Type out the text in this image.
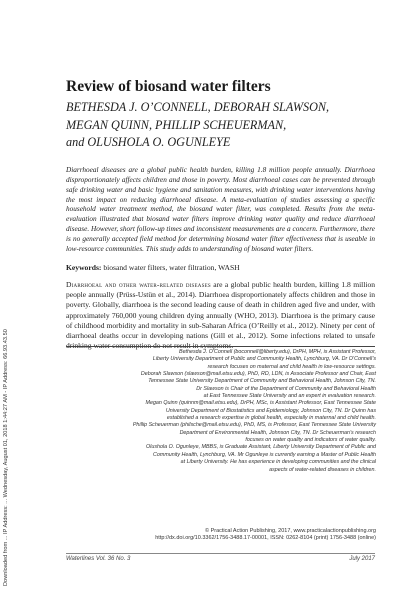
Downloaded from ... IP Address: ... Wednesday, August 01, 2018 1:44:27 AM - IP Address: 66.93.43.50
Review of biosand water filters
BETHESDA J. O’CONNELL, DEBORAH SLAWSON,
MEGAN QUINN, PHILLIP SCHEUERMAN,
and OLUSHOLA O. OGUNLEYE
Diarrhoeal diseases are a global public health burden, killing 1.8 million people annually. Diarrhoea disproportionately affects children and those in poverty. Most diarrhoeal cases can be prevented through safe drinking water and basic hygiene and sanitation measures, with drinking water interventions having the most impact on reducing diarrhoeal disease. A meta-evaluation of studies assessing a specific household water treatment method, the biosand water filter, was completed. Results from the meta-evaluation illustrated that biosand water filters improve drinking water quality and reduce diarrhoeal disease. However, short follow-up times and inconsistent measurements are a concern. Furthermore, there is no generally accepted field method for determining biosand water filter effectiveness that is useable in low-resource communities. This study adds to understanding of biosand water filters.
Keywords: biosand water filters, water filtration, WASH
Diarrhoeal and other water-related diseases are a global public health burden, killing 1.8 million people annually (Prüss-Ustün et al., 2014). Diarrhoea disproportionately affects children and those in poverty. Globally, diarrhoea is the second leading cause of death in children aged five and under, with approximately 760,000 young children dying annually (WHO, 2013). Diarrhoea is the primary cause of childhood morbidity and mortality in sub-Saharan Africa (O’Reilly et al., 2012). Ninety per cent of diarrhoeal deaths occur in developing nations (Gill et al., 2012). Some infections related to unsafe drinking water consumption do not result in symptoms.
Bethesda J. O’Connell (boconnell@liberty.edu), DrPH, MPH, is Assistant Professor,
Liberty University Department of Public and Community Health, Lynchburg, VA. Dr O’Connell’s
research focuses on maternal and child health in low-resource settings.
Deborah Slawson (slawson@mail.etsu.edu), PhD, RD, LDN, is Associate Professor and Chair, East
Tennessee State University Department of Community and Behavioral Health, Johnson City, TN.
Dr Slawson is Chair of the Department of Community and Behavioral Health
at East Tennessee State University and an expert in evaluation research.
Megan Quinn (quinnm@mail.etsu.edu), DrPH, MSc, is Assistant Professor, East Tennessee State
University Department of Biostatistics and Epidemiology, Johnson City, TN. Dr Quinn has
established a research expertise in global health, especially in maternal and child health.
Phillip Scheuerman (philsche@mail.etsu.edu), PhD, MS, is Professor, East Tennessee State University
Department of Environmental Health, Johnson City, TN. Dr Scheuerman’s research
focuses on water quality and indicators of water quality.
Olushola O. Ogunleye, MBBS, is Graduate Assistant, Liberty University Department of Public and
Community Health, Lynchburg, VA. Mr Ogunleye is currently earning a Master of Public Health
at Liberty University. He has experience in developing communities and the clinical
aspects of water-related diseases in children.
© Practical Action Publishing, 2017, www.practicalactionpublishing.org
http://dx.doi.org/10.3362/1756-3488.17-00001, ISSN: 0262-8104 (print) 1756-3488 (online)
Waterlines Vol. 36 No. 3	July 2017
